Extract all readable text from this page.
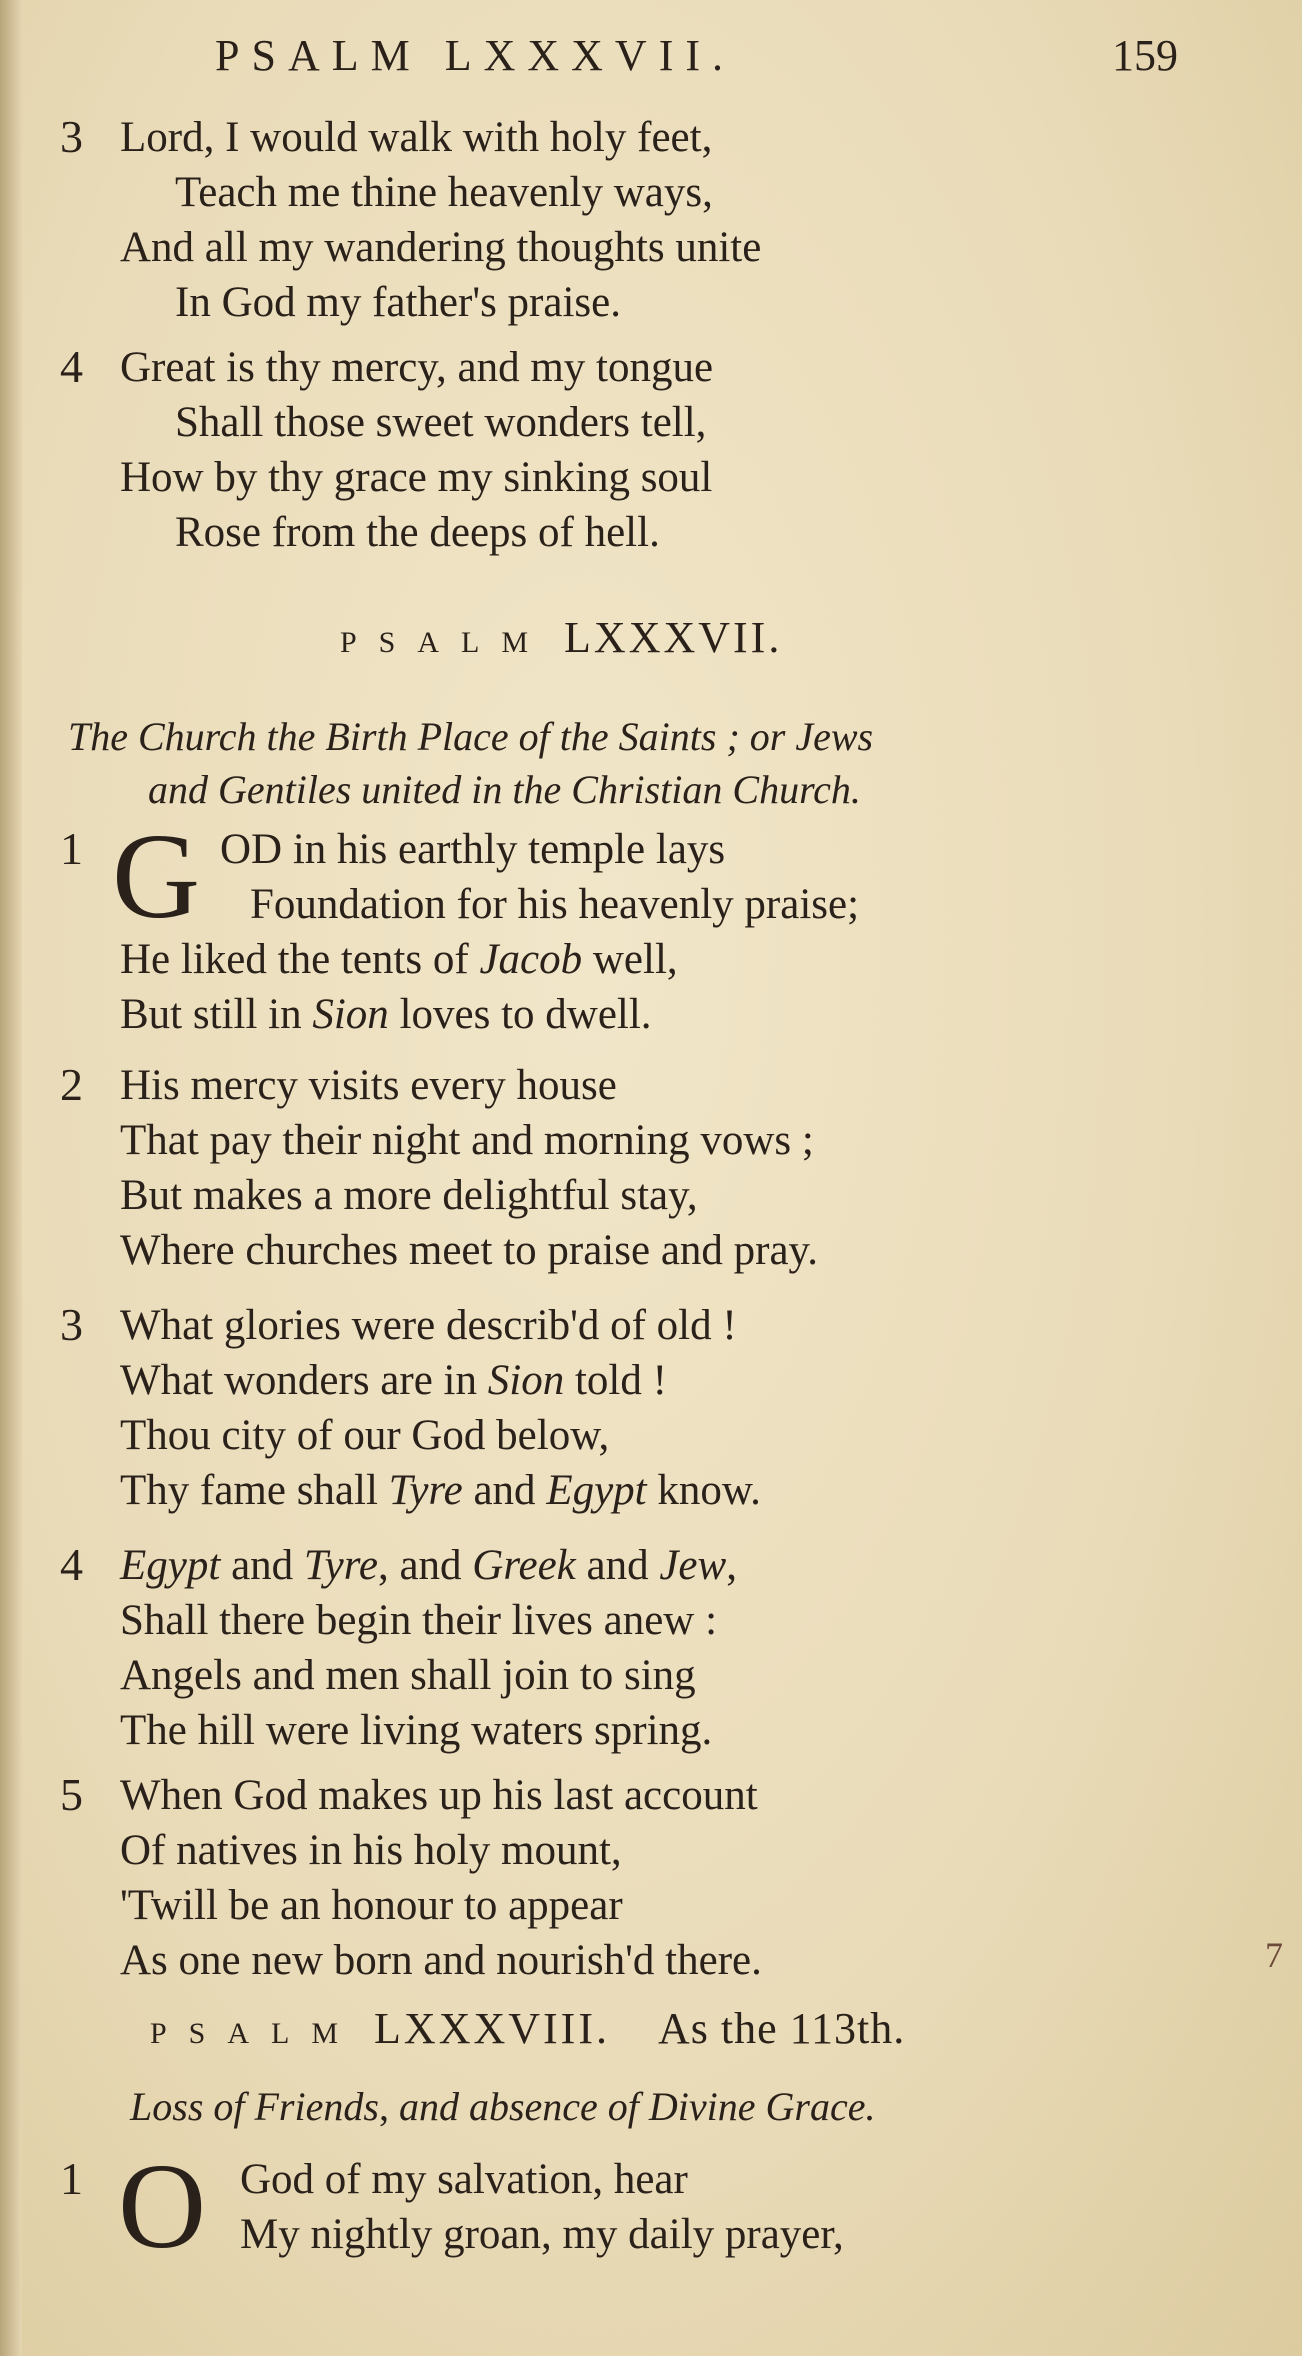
PSALM LXXXVII.	159
3 Lord, I would walk with holy feet,
Teach me thine heavenly ways,
And all my wandering thoughts unite
In God my father's praise.
4 Great is thy mercy, and my tongue
Shall those sweet wonders tell,
How by thy grace my sinking soul
Rose from the deeps of hell.
PSALM LXXXVII.
The Church the Birth Place of the Saints ; or Jews
and Gentiles united in the Christian Church.
1 G OD in his earthly temple lays
Foundation for his heavenly praise;
He liked the tents of Jacob well,
But still in Sion loves to dwell.
2 His mercy visits every house
That pay their night and morning vows ;
But makes a more delightful stay,
Where churches meet to praise and pray.
3 What glories were describ'd of old !
What wonders are in Sion told !
Thou city of our God below,
Thy fame shall Tyre and Egypt know.
4 Egypt and Tyre, and Greek and Jew,
Shall there begin their lives anew :
Angels and men shall join to sing
The hill were living waters spring.
5 When God makes up his last account
Of natives in his holy mount,
'Twill be an honour to appear
As one new born and nourish'd there.	7
PSALM LXXXVIII. As the 113th.
Loss of Friends, and absence of Divine Grace.
1 O God of my salvation, hear
My nightly groan, my daily prayer,
